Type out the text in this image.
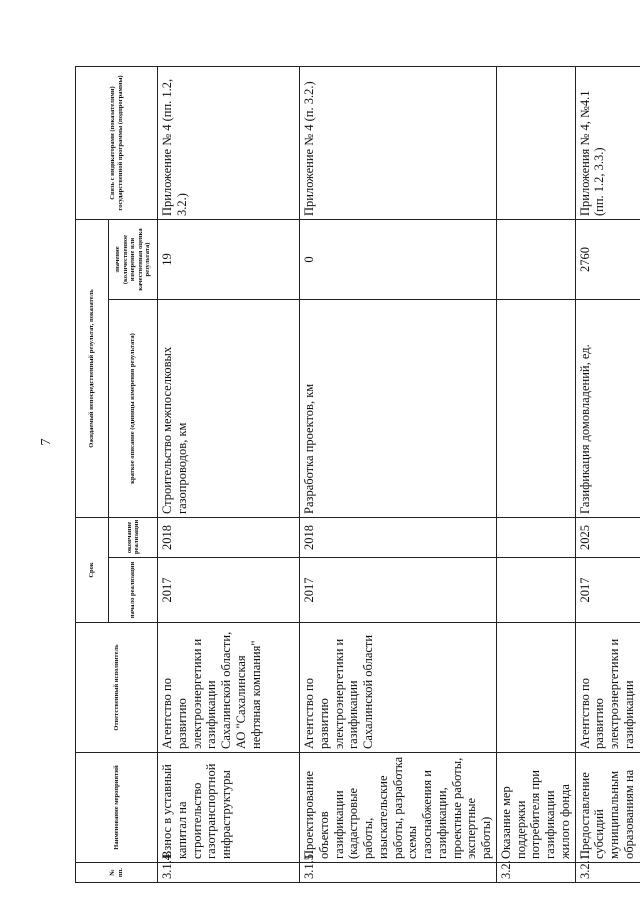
7
№ пп.	Наименование мероприятий	Ответственный исполнитель	Срок		Ожидаемый непосредственный результат, показатель		Связь с индикаторами (показателями) государственной программы (подпрограммы)
			начало реализации	окончание реализации	краткое описание (единицы измерения результата)	значение (количественное измерение или качественная оценка результата)	
3.1.4.	Взнос в уставный капитал на строительство газотранспортной инфраструктуры	Агентство по развитию электроэнергетики и газификации Сахалинской области, АО "Сахалинская нефтяная компания"	2017	2018	Строительство межпоселковых газопроводов, км	19	Приложение № 4 (пп. 1.2, 3.2.)
3.1.5.	Проектирование объектов газификации (кадастровые работы, изыскательские работы, разработка схемы газоснабжения и газификации, проектные работы, экспертные работы)	Агентство по развитию электроэнергетики и газификации Сахалинской области	2017	2018	Разработка проектов, км	0	Приложение № 4 (п. 3.2.)
3.2.	Оказание мер поддержки потребителя при газификации жилого фонда						
3.2.1.	Предоставление субсидий муниципальным образованиям на	Агентство по развитию электроэнергетики и газификации	2017	2025	Газификация домовладений, ед.	2760	Приложения № 4, №4.1 (пп. 1.2, 3.3.)
